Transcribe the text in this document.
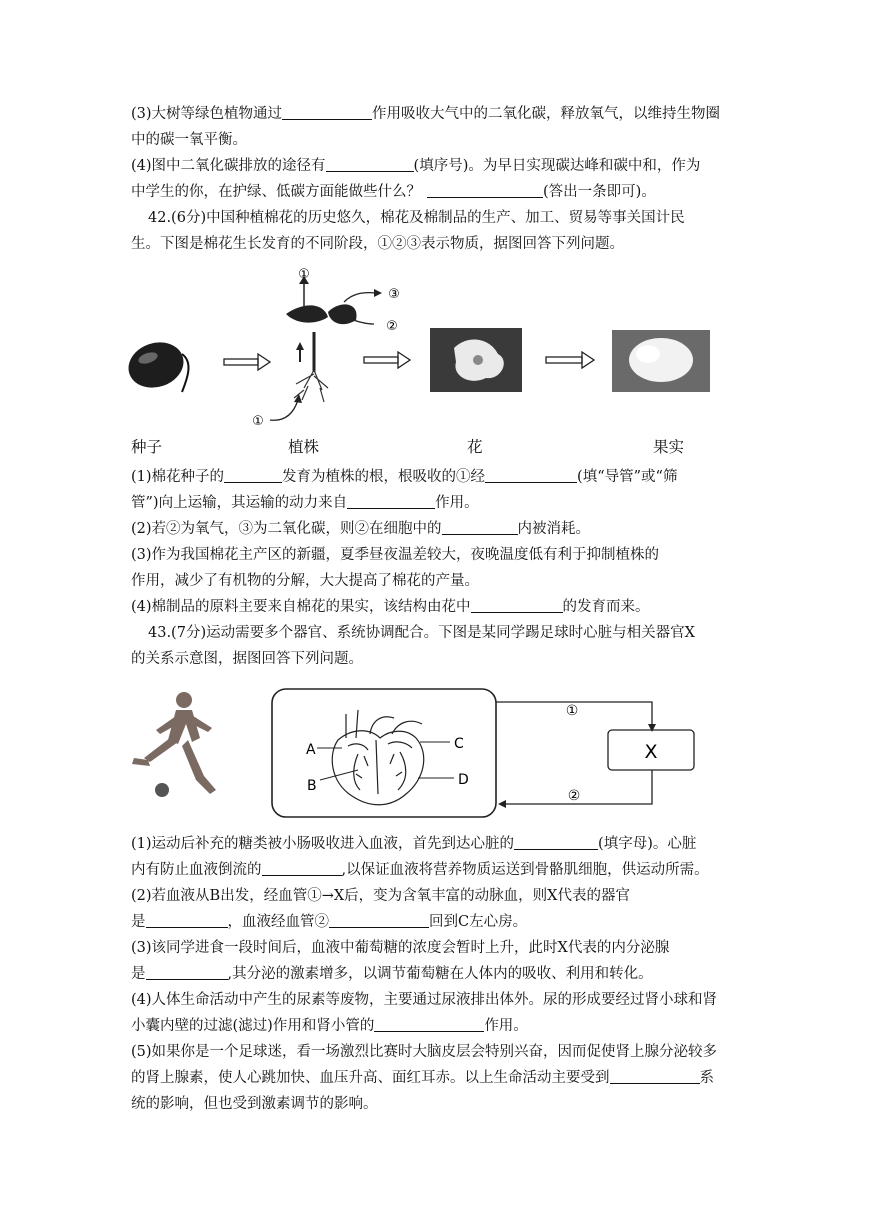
(3)大树等绿色植物通过	作用吸收大气中的二氧化碳，释放氧气，以维持生物圈
中的碳一氧平衡。
(4)图中二氧化碳排放的途径有	(填序号)。为早日实现碳达峰和碳中和，作为
中学生的你，在护绿、低碳方面能做些什么？	(答出一条即可)。
42.(6分)中国种植棉花的历史悠久，棉花及棉制品的生产、加工、贸易等事关国计民
生。下图是棉花生长发育的不同阶段，①②③表示物质，据图回答下列问题。
①
③
②
①
种子	植株	花	果实
(1)棉花种子的	发育为植株的根，根吸收的①经	(填“导管”或“筛
管”)向上运输，其运输的动力来自	作用。
(2)若②为氧气，③为二氧化碳，则②在细胞中的	内被消耗。
(3)作为我国棉花主产区的新疆，夏季昼夜温差较大，夜晚温度低有利于抑制植株的
作用，减少了有机物的分解，大大提高了棉花的产量。
(4)棉制品的原料主要来自棉花的果实，该结构由花中	的发育而来。
43.(7分)运动需要多个器官、系统协调配合。下图是某同学踢足球时心脏与相关器官X
的关系示意图，据图回答下列问题。
A
B
C
D
①
X
②
(1)运动后补充的糖类被小肠吸收进入血液，首先到达心脏的	(填字母)。心脏
内有防止血液倒流的	,以保证血液将营养物质运送到骨骼肌细胞，供运动所需。
(2)若血液从B出发，经血管①→X后，变为含氧丰富的动脉血，则X代表的器官
是	，血液经血管②	回到C左心房。
(3)该同学进食一段时间后，血液中葡萄糖的浓度会暂时上升，此时X代表的内分泌腺
是	,其分泌的激素增多，以调节葡萄糖在人体内的吸收、利用和转化。
(4)人体生命活动中产生的尿素等废物，主要通过尿液排出体外。尿的形成要经过肾小球和肾
小囊内壁的过滤(滤过)作用和肾小管的	作用。
(5)如果你是一个足球迷，看一场激烈比赛时大脑皮层会特别兴奋，因而促使肾上腺分泌较多
的肾上腺素，使人心跳加快、血压升高、面红耳赤。以上生命活动主要受到	系
统的影响，但也受到激素调节的影响。
